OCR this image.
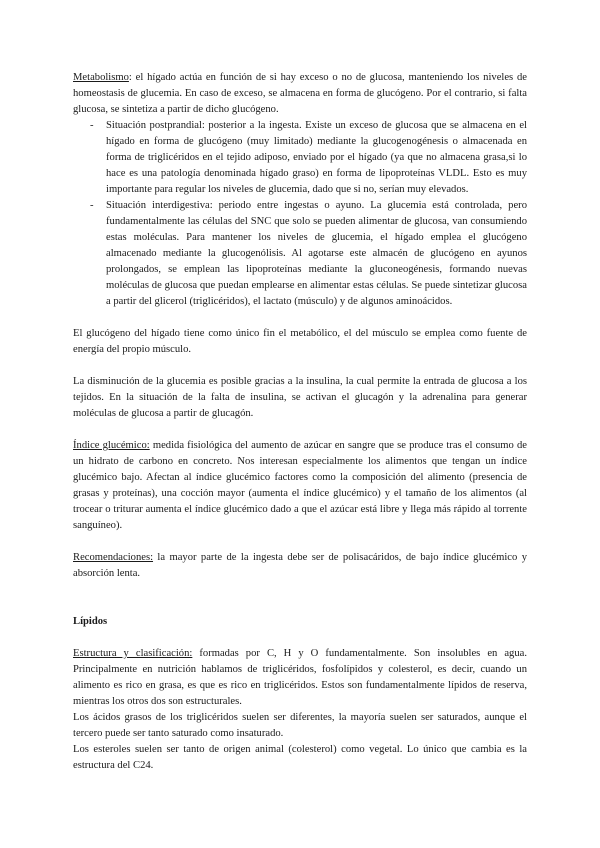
Metabolismo: el hígado actúa en función de si hay exceso o no de glucosa, manteniendo los niveles de homeostasis de glucemia. En caso de exceso, se almacena en forma de glucógeno. Por el contrario, si falta glucosa, se sintetiza a partir de dicho glucógeno.

- Situación postprandial: posterior a la ingesta. Existe un exceso de glucosa que se almacena en el hígado en forma de glucógeno (muy limitado) mediante la glucogenogénesis o almacenada en forma de triglicéridos en el tejido adiposo, enviado por el hígado (ya que no almacena grasa,si lo hace es una patología denominada hígado graso) en forma de lipoproteínas VLDL. Esto es muy importante para regular los niveles de glucemia, dado que si no, serían muy elevados.
- Situación interdigestiva: periodo entre ingestas o ayuno. La glucemia está controlada, pero fundamentalmente las células del SNC que solo se pueden alimentar de glucosa, van consumiendo estas moléculas. Para mantener los niveles de glucemia, el hígado emplea el glucógeno almacenado mediante la glucogenólisis. Al agotarse este almacén de glucógeno en ayunos prolongados, se emplean las lipoproteínas mediante la gluconeogénesis, formando nuevas moléculas de glucosa que puedan emplearse en alimentar estas células. Se puede sintetizar glucosa a partir del glicerol (triglicéridos), el lactato (músculo) y de algunos aminoácidos.

El glucógeno del hígado tiene como único fin el metabólico, el del músculo se emplea como fuente de energía del propio músculo.

La disminución de la glucemia es posible gracias a la insulina, la cual permite la entrada de glucosa a los tejidos. En la situación de la falta de insulina, se activan el glucagón y la adrenalina para generar moléculas de glucosa a partir de glucagón.

Índice glucémico: medida fisiológica del aumento de azúcar en sangre que se produce tras el consumo de un hidrato de carbono en concreto. Nos interesan especialmente los alimentos que tengan un índice glucémico bajo. Afectan al índice glucémico factores como la composición del alimento (presencia de grasas y proteínas), una cocción mayor (aumenta el índice glucémico) y el tamaño de los alimentos (al trocear o triturar aumenta el índice glucémico dado a que el azúcar está libre y llega más rápido al torrente sanguíneo).

Recomendaciones: la mayor parte de la ingesta debe ser de polisacáridos, de bajo índice glucémico y absorción lenta.

Lípidos

Estructura y clasificación: formadas por C, H y O fundamentalmente. Son insolubles en agua. Principalmente en nutrición hablamos de triglicéridos, fosfolípidos y colesterol, es decir, cuando un alimento es rico en grasa, es que es rico en triglicéridos. Estos son fundamentalmente lípidos de reserva, mientras los otros dos son estructurales.

Los ácidos grasos de los triglicéridos suelen ser diferentes, la mayoría suelen ser saturados, aunque el tercero puede ser tanto saturado como insaturado.

Los esteroles suelen ser tanto de origen animal (colesterol) como vegetal. Lo único que cambia es la estructura del C24.
